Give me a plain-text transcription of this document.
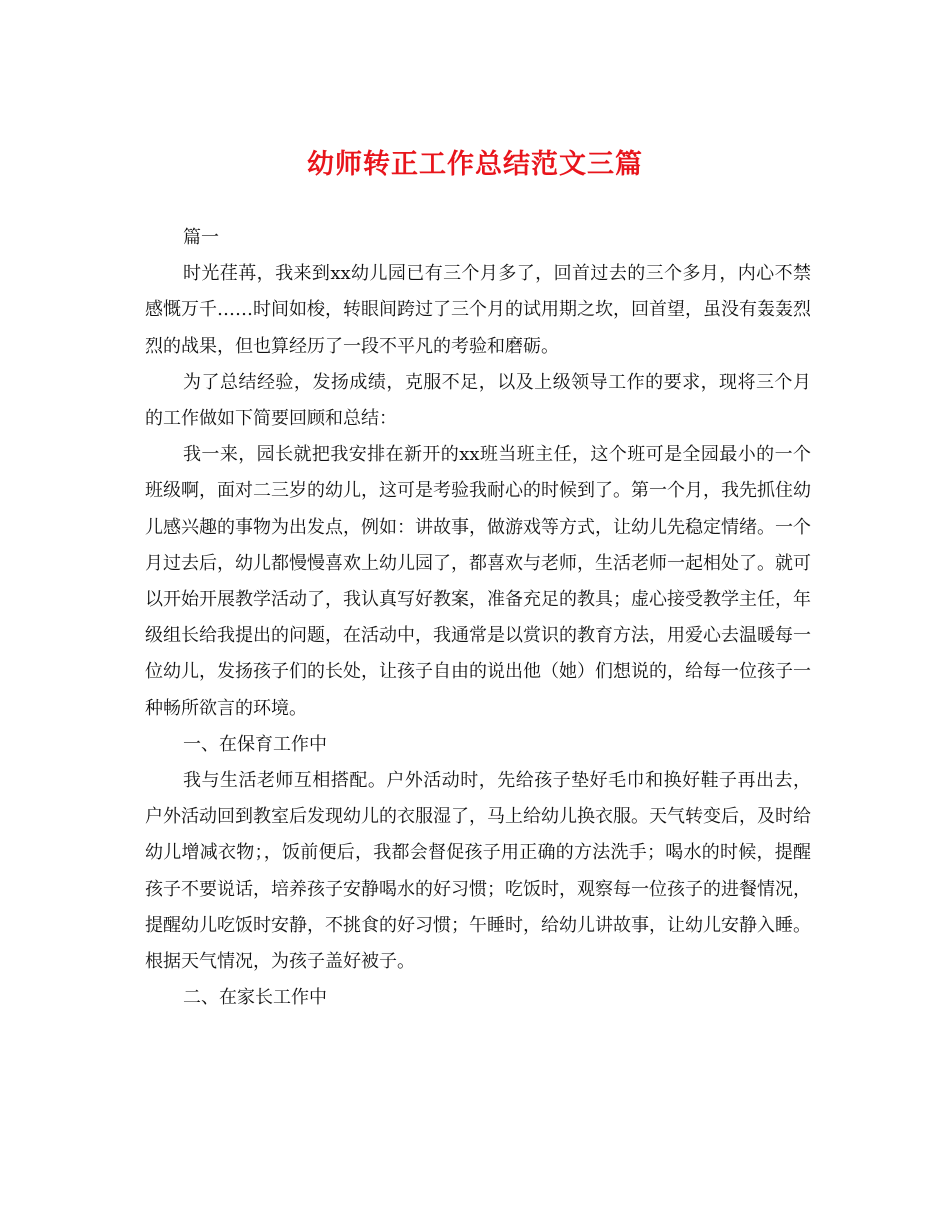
幼师转正工作总结范文三篇

篇一

时光荏苒，我来到xx幼儿园已有三个月多了，回首过去的三个多月，内心不禁感慨万千……时间如梭，转眼间跨过了三个月的试用期之坎，回首望，虽没有轰轰烈烈的战果，但也算经历了一段不平凡的考验和磨砺。

为了总结经验，发扬成绩，克服不足，以及上级领导工作的要求，现将三个月的工作做如下简要回顾和总结：

我一来，园长就把我安排在新开的xx班当班主任，这个班可是全园最小的一个班级啊，面对二三岁的幼儿，这可是考验我耐心的时候到了。第一个月，我先抓住幼儿感兴趣的事物为出发点，例如：讲故事，做游戏等方式，让幼儿先稳定情绪。一个月过去后，幼儿都慢慢喜欢上幼儿园了，都喜欢与老师，生活老师一起相处了。就可以开始开展教学活动了，我认真写好教案，准备充足的教具；虚心接受教学主任，年级组长给我提出的问题，在活动中，我通常是以赏识的教育方法，用爱心去温暖每一位幼儿，发扬孩子们的长处，让孩子自由的说出他（她）们想说的，给每一位孩子一种畅所欲言的环境。

一、在保育工作中

我与生活老师互相搭配。户外活动时，先给孩子垫好毛巾和换好鞋子再出去，户外活动回到教室后发现幼儿的衣服湿了，马上给幼儿换衣服。天气转变后，及时给幼儿增减衣物；，饭前便后，我都会督促孩子用正确的方法洗手；喝水的时候，提醒孩子不要说话，培养孩子安静喝水的好习惯；吃饭时，观察每一位孩子的进餐情况，提醒幼儿吃饭时安静，不挑食的好习惯；午睡时，给幼儿讲故事，让幼儿安静入睡。根据天气情况，为孩子盖好被子。

二、在家长工作中
